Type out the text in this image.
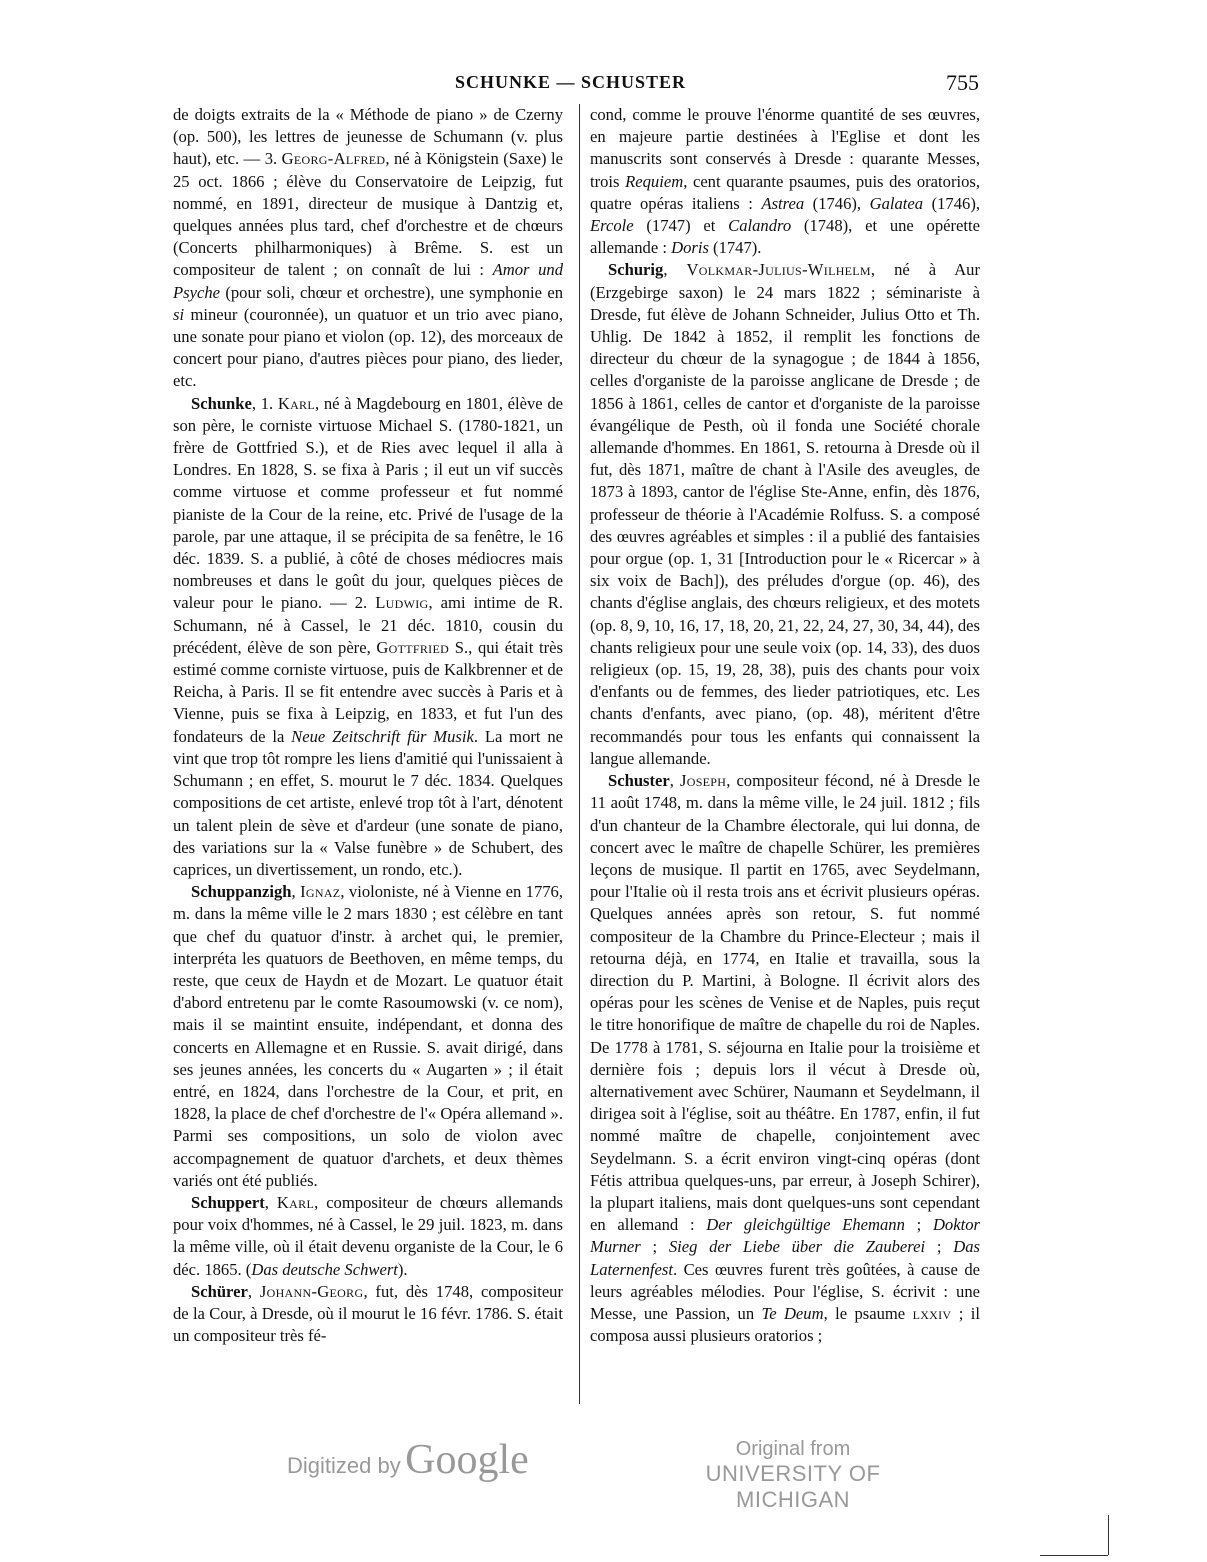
SCHUNKE — SCHUSTER	755

de doigts extraits de la « Méthode de piano » de Czerny (op. 500), les lettres de jeunesse de Schumann (v. plus haut), etc. — 3. Georg-Alfred, né à Königstein (Saxe) le 25 oct. 1866 ; élève du Conservatoire de Leipzig, fut nommé, en 1891, directeur de musique à Dantzig et, quelques années plus tard, chef d'orchestre et de chœurs (Concerts philharmoniques) à Brême. S. est un compositeur de talent ; on connaît de lui : Amor und Psyche (pour soli, chœur et orchestre), une symphonie en si mineur (couronnée), un quatuor et un trio avec piano, une sonate pour piano et violon (op. 12), des morceaux de concert pour piano, d'autres pièces pour piano, des lieder, etc.

Schunke, 1. Karl, né à Magdebourg en 1801, élève de son père, le corniste virtuose Michael S. (1780-1821, un frère de Gottfried S.), et de Ries avec lequel il alla à Londres. En 1828, S. se fixa à Paris ; il eut un vif succès comme virtuose et comme professeur et fut nommé pianiste de la Cour de la reine, etc. Privé de l'usage de la parole, par une attaque, il se précipita de sa fenêtre, le 16 déc. 1839. S. a publié, à côté de choses médiocres mais nombreuses et dans le goût du jour, quelques pièces de valeur pour le piano. — 2. Ludwig, ami intime de R. Schumann, né à Cassel, le 21 déc. 1810, cousin du précédent, élève de son père, Gottfried S., qui était très estimé comme corniste virtuose, puis de Kalkbrenner et de Reicha, à Paris. Il se fit entendre avec succès à Paris et à Vienne, puis se fixa à Leipzig, en 1833, et fut l'un des fondateurs de la Neue Zeitschrift für Musik. La mort ne vint que trop tôt rompre les liens d'amitié qui l'unissaient à Schumann ; en effet, S. mourut le 7 déc. 1834. Quelques compositions de cet artiste, enlevé trop tôt à l'art, dénotent un talent plein de sève et d'ardeur (une sonate de piano, des variations sur la « Valse funèbre » de Schubert, des caprices, un divertissement, un rondo, etc.).

Schuppanzigh, Ignaz, violoniste, né à Vienne en 1776, m. dans la même ville le 2 mars 1830 ; est célèbre en tant que chef du quatuor d'instr. à archet qui, le premier, interpréta les quatuors de Beethoven, en même temps, du reste, que ceux de Haydn et de Mozart. Le quatuor était d'abord entretenu par le comte Rasoumowski (v. ce nom), mais il se maintint ensuite, indépendant, et donna des concerts en Allemagne et en Russie. S. avait dirigé, dans ses jeunes années, les concerts du « Augarten » ; il était entré, en 1824, dans l'orchestre de la Cour, et prit, en 1828, la place de chef d'orchestre de l'« Opéra allemand ». Parmi ses compositions, un solo de violon avec accompagnement de quatuor d'archets, et deux thèmes variés ont été publiés.

Schuppert, Karl, compositeur de chœurs allemands pour voix d'hommes, né à Cassel, le 29 juil. 1823, m. dans la même ville, où il était devenu organiste de la Cour, le 6 déc. 1865. (Das deutsche Schwert).

Schürer, Johann-Georg, fut, dès 1748, compositeur de la Cour, à Dresde, où il mourut le 16 févr. 1786. S. était un compositeur très fé-

cond, comme le prouve l'énorme quantité de ses œuvres, en majeure partie destinées à l'Eglise et dont les manuscrits sont conservés à Dresde : quarante Messes, trois Requiem, cent quarante psaumes, puis des oratorios, quatre opéras italiens : Astrea (1746), Galatea (1746), Ercole (1747) et Calandro (1748), et une opérette allemande : Doris (1747).

Schurig, Volkmar-Julius-Wilhelm, né à Aur (Erzgebirge saxon) le 24 mars 1822 ; séminariste à Dresde, fut élève de Johann Schneider, Julius Otto et Th. Uhlig. De 1842 à 1852, il remplit les fonctions de directeur du chœur de la synagogue ; de 1844 à 1856, celles d'organiste de la paroisse anglicane de Dresde ; de 1856 à 1861, celles de cantor et d'organiste de la paroisse évangélique de Pesth, où il fonda une Société chorale allemande d'hommes. En 1861, S. retourna à Dresde où il fut, dès 1871, maître de chant à l'Asile des aveugles, de 1873 à 1893, cantor de l'église Ste-Anne, enfin, dès 1876, professeur de théorie à l'Académie Rolfuss. S. a composé des œuvres agréables et simples : il a publié des fantaisies pour orgue (op. 1, 31 [Introduction pour le « Ricercar » à six voix de Bach]), des préludes d'orgue (op. 46), des chants d'église anglais, des chœurs religieux, et des motets (op. 8, 9, 10, 16, 17, 18, 20, 21, 22, 24, 27, 30, 34, 44), des chants religieux pour une seule voix (op. 14, 33), des duos religieux (op. 15, 19, 28, 38), puis des chants pour voix d'enfants ou de femmes, des lieder patriotiques, etc. Les chants d'enfants, avec piano, (op. 48), méritent d'être recommandés pour tous les enfants qui connaissent la langue allemande.

Schuster, Joseph, compositeur fécond, né à Dresde le 11 août 1748, m. dans la même ville, le 24 juil. 1812 ; fils d'un chanteur de la Chambre électorale, qui lui donna, de concert avec le maître de chapelle Schürer, les premières leçons de musique. Il partit en 1765, avec Seydelmann, pour l'Italie où il resta trois ans et écrivit plusieurs opéras. Quelques années après son retour, S. fut nommé compositeur de la Chambre du Prince-Electeur ; mais il retourna déjà, en 1774, en Italie et travailla, sous la direction du P. Martini, à Bologne. Il écrivit alors des opéras pour les scènes de Venise et de Naples, puis reçut le titre honorifique de maître de chapelle du roi de Naples. De 1778 à 1781, S. séjourna en Italie pour la troisième et dernière fois ; depuis lors il vécut à Dresde où, alternativement avec Schürer, Naumann et Seydelmann, il dirigea soit à l'église, soit au théâtre. En 1787, enfin, il fut nommé maître de chapelle, conjointement avec Seydelmann. S. a écrit environ vingt-cinq opéras (dont Fétis attribua quelques-uns, par erreur, à Joseph Schirer), la plupart italiens, mais dont quelques-uns sont cependant en allemand : Der gleichgültige Ehemann ; Doktor Murner ; Sieg der Liebe über die Zauberei ; Das Laternenfest. Ces œuvres furent très goûtées, à cause de leurs agréables mélodies. Pour l'église, S. écrivit : une Messe, une Passion, un Te Deum, le psaume lxxiv ; il composa aussi plusieurs oratorios ;

Digitized by Google	Original from
UNIVERSITY OF MICHIGAN
